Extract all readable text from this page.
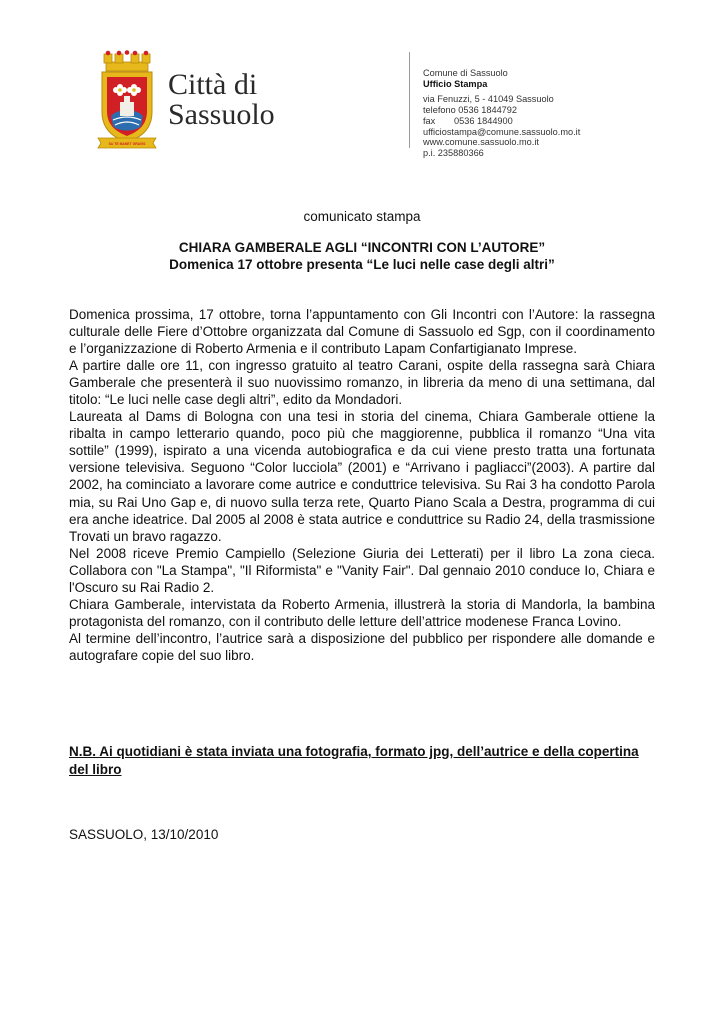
SU TE MANET GRAVIS
Città di
Sassuolo
Comune di Sassuolo
Ufficio Stampa
via Fenuzzi, 5 - 41049 Sassuolo
telefono 0536 1844792
fax 0536 1844900
ufficiostampa@comune.sassuolo.mo.it
www.comune.sassuolo.mo.it
p.i. 235880366
comunicato stampa
CHIARA GAMBERALE AGLI “INCONTRI CON L’AUTORE”
Domenica 17 ottobre presenta “Le luci nelle case degli altri”

Domenica prossima, 17 ottobre, torna l’appuntamento con Gli Incontri con l’Autore: la rassegna culturale delle Fiere d’Ottobre organizzata dal Comune di Sassuolo ed Sgp, con il coordinamento e l’organizzazione di Roberto Armenia e il contributo Lapam Confartigianato Imprese.

A partire dalle ore 11, con ingresso gratuito al teatro Carani, ospite della rassegna sarà Chiara Gamberale che presenterà il suo nuovissimo romanzo, in libreria da meno di una settimana, dal titolo: “Le luci nelle case degli altri”, edito da Mondadori.

Laureata al Dams di Bologna con una tesi in storia del cinema, Chiara Gamberale ottiene la ribalta in campo letterario quando, poco più che maggiorenne, pubblica il romanzo “Una vita sottile” (1999), ispirato a una vicenda autobiografica e da cui viene presto tratta una fortunata versione televisiva. Seguono “Color lucciola” (2001) e “Arrivano i pagliacci”(2003). A partire dal 2002, ha cominciato a lavorare come autrice e conduttrice televisiva. Su Rai 3 ha condotto Parola mia, su Rai Uno Gap e, di nuovo sulla terza rete, Quarto Piano Scala a Destra, programma di cui era anche ideatrice. Dal 2005 al 2008 è stata autrice e conduttrice su Radio 24, della trasmissione Trovati un bravo ragazzo.

Nel 2008 riceve Premio Campiello (Selezione Giuria dei Letterati) per il libro La zona cieca. Collabora con "La Stampa", "Il Riformista" e "Vanity Fair". Dal gennaio 2010 conduce Io, Chiara e l'Oscuro su Rai Radio 2.

Chiara Gamberale, intervistata da Roberto Armenia, illustrerà la storia di Mandorla, la bambina protagonista del romanzo, con il contributo delle letture dell’attrice modenese Franca Lovino.

Al termine dell’incontro, l’autrice sarà a disposizione del pubblico per rispondere alle domande e autografare copie del suo libro.

N.B. Ai quotidiani è stata inviata una fotografia, formato jpg, dell’autrice e della copertina del libro
SASSUOLO, 13/10/2010
